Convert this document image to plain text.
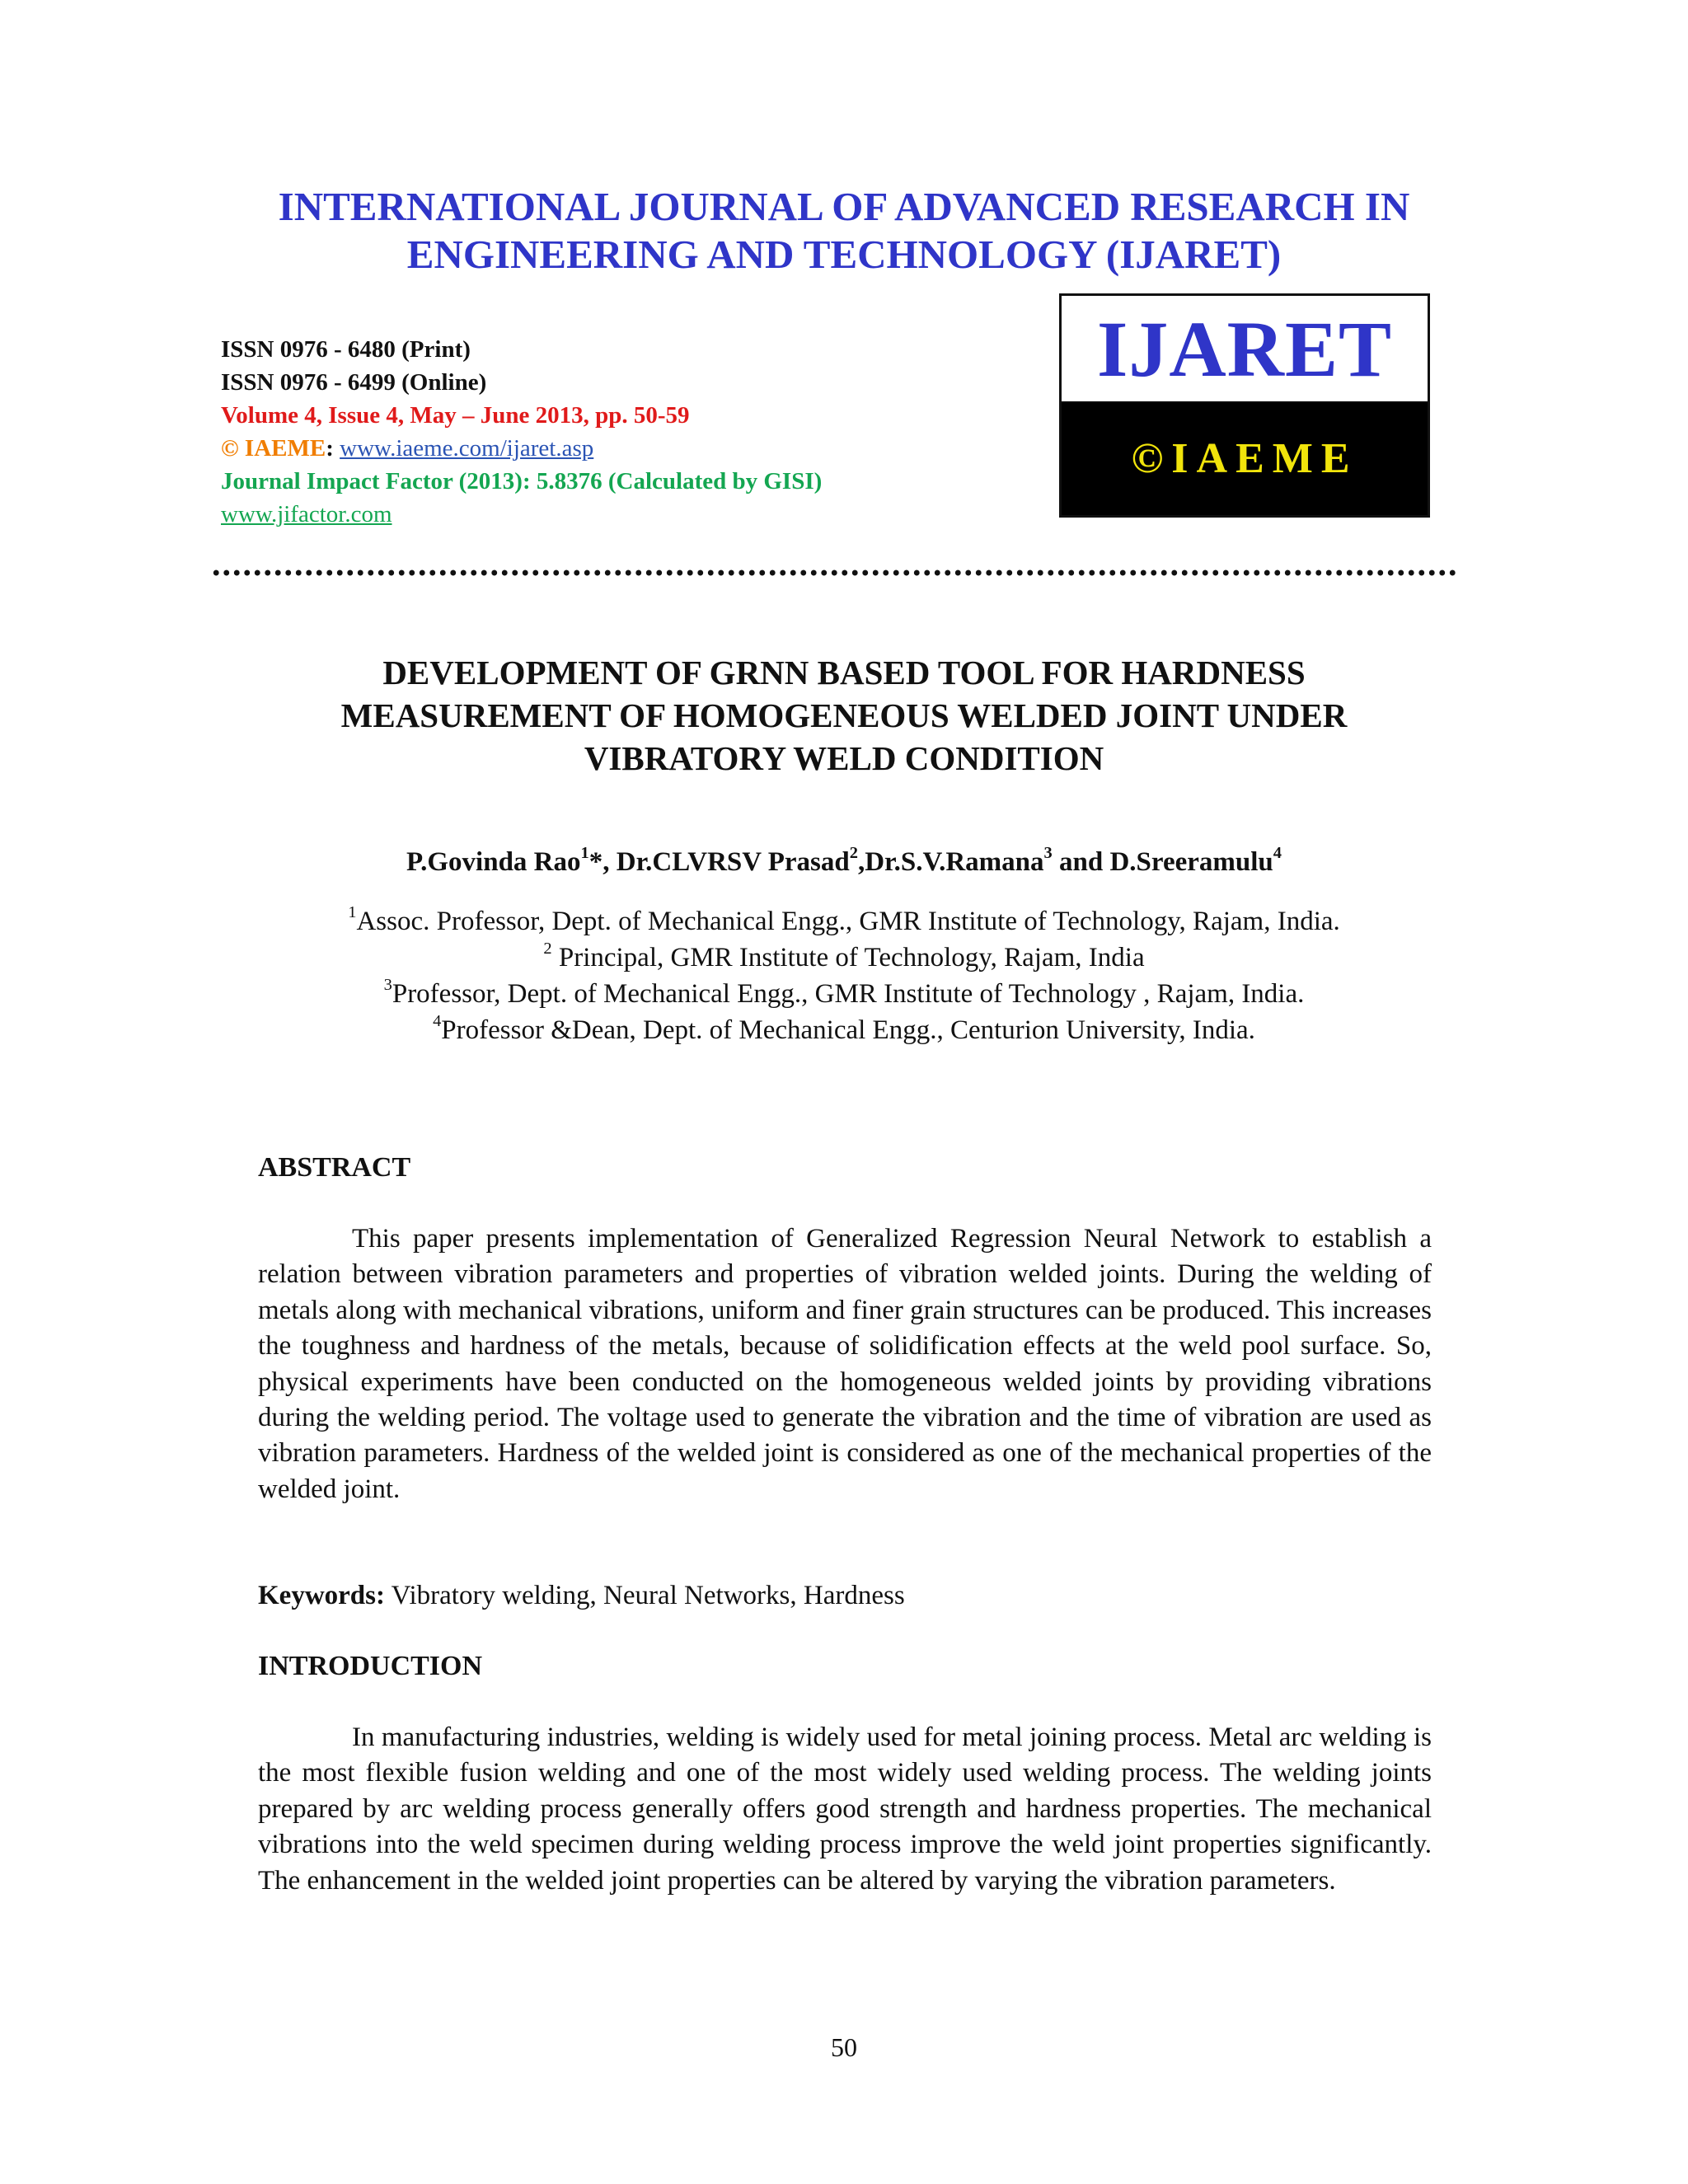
INTERNATIONAL JOURNAL OF ADVANCED RESEARCH IN
ENGINEERING AND TECHNOLOGY (IJARET)
ISSN 0976 - 6480 (Print)
ISSN 0976 - 6499 (Online)
Volume 4, Issue 4, May – June 2013, pp. 50-59
© IAEME: www.iaeme.com/ijaret.asp
Journal Impact Factor (2013): 5.8376 (Calculated by GISI)
www.jifactor.com
IJARET
©IAEME
DEVELOPMENT OF GRNN BASED TOOL FOR HARDNESS
MEASUREMENT OF HOMOGENEOUS WELDED JOINT UNDER
VIBRATORY WELD CONDITION
P.Govinda Rao$^1$*, Dr.CLVRSV Prasad$^2$,Dr.S.V.Ramana$^3$ and D.Sreeramulu$^4$
$^1$Assoc. Professor, Dept. of Mechanical Engg., GMR Institute of Technology, Rajam, India.
$^2$ Principal, GMR Institute of Technology, Rajam, India
$^3$Professor, Dept. of Mechanical Engg., GMR Institute of Technology , Rajam, India.
$^4$Professor &Dean, Dept. of Mechanical Engg., Centurion University, India.
ABSTRACT

This paper presents implementation of Generalized Regression Neural Network to establish a relation between vibration parameters and properties of vibration welded joints. During the welding of metals along with mechanical vibrations, uniform and finer grain structures can be produced. This increases the toughness and hardness of the metals, because of solidification effects at the weld pool surface. So, physical experiments have been conducted on the homogeneous welded joints by providing vibrations during the welding period. The voltage used to generate the vibration and the time of vibration are used as vibration parameters. Hardness of the welded joint is considered as one of the mechanical properties of the welded joint.

Keywords: Vibratory welding, Neural Networks, Hardness
INTRODUCTION

In manufacturing industries, welding is widely used for metal joining process. Metal arc welding is the most flexible fusion welding and one of the most widely used welding process. The welding joints prepared by arc welding process generally offers good strength and hardness properties. The mechanical vibrations into the weld specimen during welding process improve the weld joint properties significantly. The enhancement in the welded joint properties can be altered by varying the vibration parameters.

50
